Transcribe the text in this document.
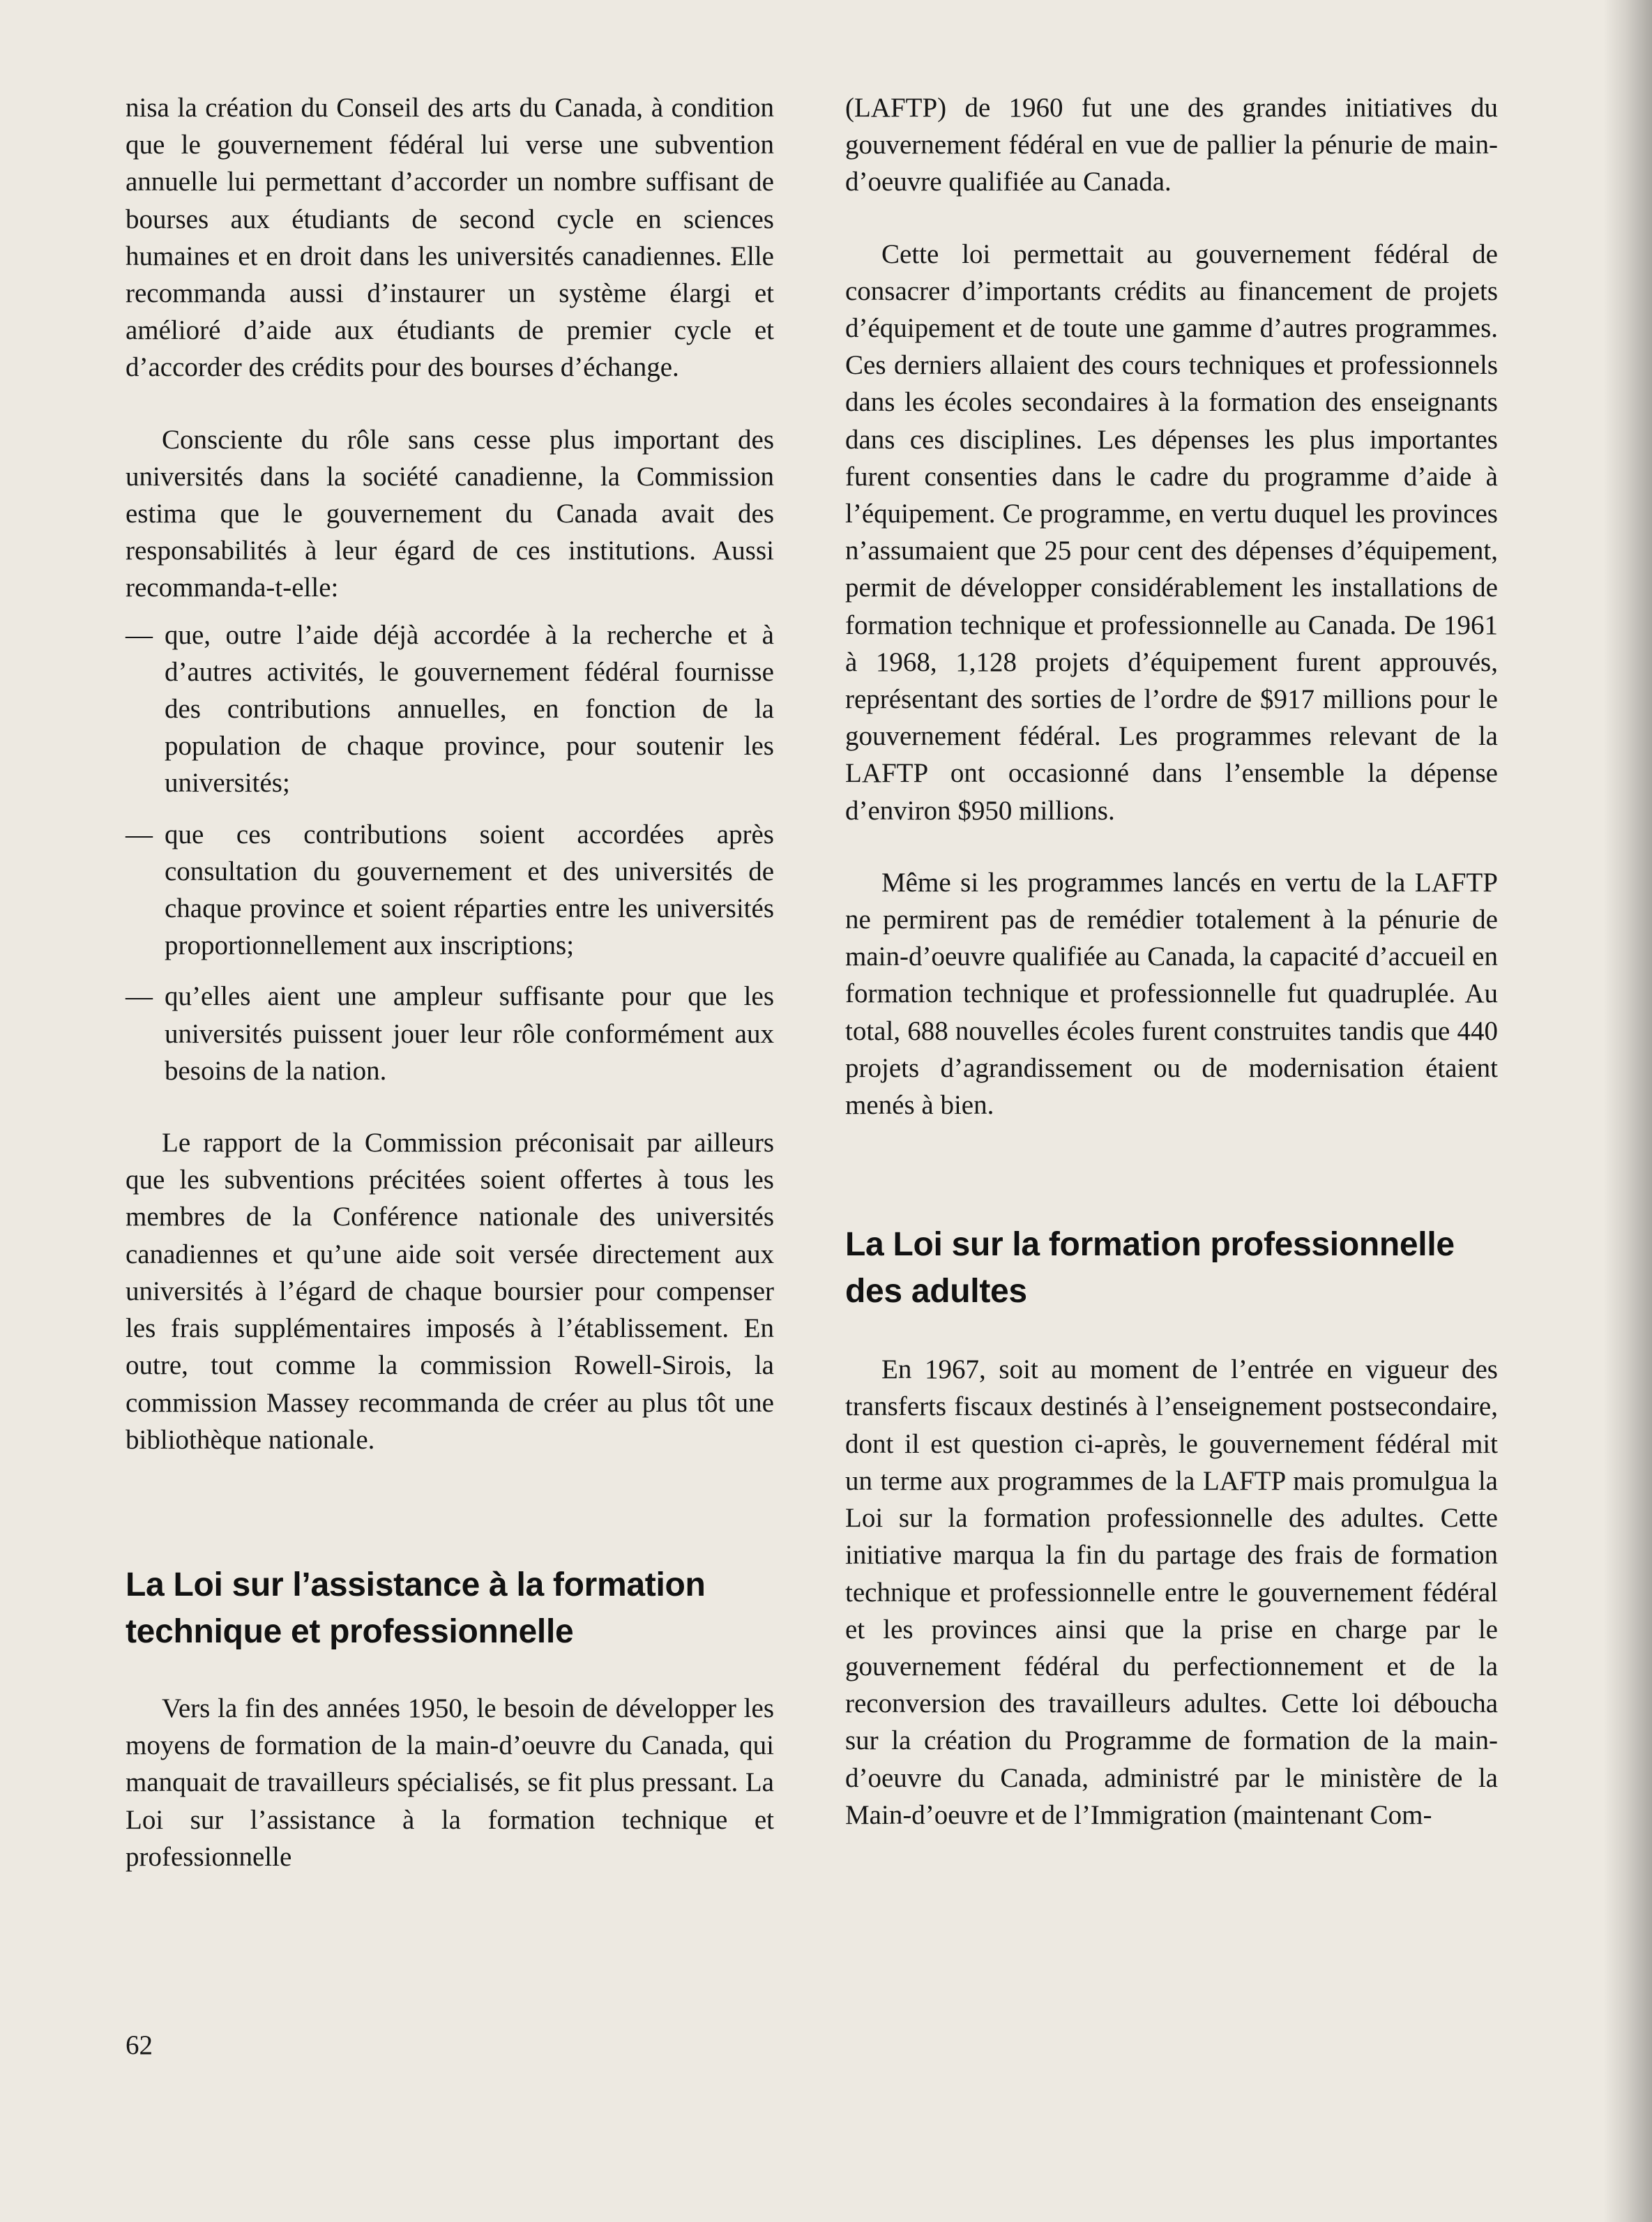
nisa la création du Conseil des arts du Canada, à condition que le gouvernement fédéral lui verse une subvention annuelle lui permettant d’accorder un nombre suffisant de bourses aux étudiants de second cycle en sciences humaines et en droit dans les universités canadiennes. Elle recommanda aussi d’instaurer un système élargi et amélioré d’aide aux étudiants de premier cycle et d’accorder des crédits pour des bourses d’échange.

Consciente du rôle sans cesse plus important des universités dans la société canadienne, la Commission estima que le gouvernement du Canada avait des responsabilités à leur égard de ces institutions. Aussi recommanda-t-elle:

— que, outre l’aide déjà accordée à la recherche et à d’autres activités, le gouvernement fédéral fournisse des contributions annuelles, en fonction de la population de chaque province, pour soutenir les universités;
— que ces contributions soient accordées après consultation du gouvernement et des universités de chaque province et soient réparties entre les universités proportionnellement aux inscriptions;
— qu’elles aient une ampleur suffisante pour que les universités puissent jouer leur rôle conformément aux besoins de la nation.

Le rapport de la Commission préconisait par ailleurs que les subventions précitées soient offertes à tous les membres de la Conférence nationale des universités canadiennes et qu’une aide soit versée directement aux universités à l’égard de chaque boursier pour compenser les frais supplémentaires imposés à l’établissement. En outre, tout comme la commission Rowell-Sirois, la commission Massey recommanda de créer au plus tôt une bibliothèque nationale.

La Loi sur l’assistance à la formation technique et professionnelle

Vers la fin des années 1950, le besoin de développer les moyens de formation de la main-d’oeuvre du Canada, qui manquait de travailleurs spécialisés, se fit plus pressant. La Loi sur l’assistance à la formation technique et professionnelle

(LAFTP) de 1960 fut une des grandes initiatives du gouvernement fédéral en vue de pallier la pénurie de main-d’oeuvre qualifiée au Canada.

Cette loi permettait au gouvernement fédéral de consacrer d’importants crédits au financement de projets d’équipement et de toute une gamme d’autres programmes. Ces derniers allaient des cours techniques et professionnels dans les écoles secondaires à la formation des enseignants dans ces disciplines. Les dépenses les plus importantes furent consenties dans le cadre du programme d’aide à l’équipement. Ce programme, en vertu duquel les provinces n’assumaient que 25 pour cent des dépenses d’équipement, permit de développer considérablement les installations de formation technique et professionnelle au Canada. De 1961 à 1968, 1,128 projets d’équipement furent approuvés, représentant des sorties de l’ordre de $917 millions pour le gouvernement fédéral. Les programmes relevant de la LAFTP ont occasionné dans l’ensemble la dépense d’environ $950 millions.

Même si les programmes lancés en vertu de la LAFTP ne permirent pas de remédier totalement à la pénurie de main-d’oeuvre qualifiée au Canada, la capacité d’accueil en formation technique et professionnelle fut quadruplée. Au total, 688 nouvelles écoles furent construites tandis que 440 projets d’agrandissement ou de modernisation étaient menés à bien.

La Loi sur la formation professionnelle des adultes

En 1967, soit au moment de l’entrée en vigueur des transferts fiscaux destinés à l’enseignement postsecondaire, dont il est question ci-après, le gouvernement fédéral mit un terme aux programmes de la LAFTP mais promulgua la Loi sur la formation professionnelle des adultes. Cette initiative marqua la fin du partage des frais de formation technique et professionnelle entre le gouvernement fédéral et les provinces ainsi que la prise en charge par le gouvernement fédéral du perfectionnement et de la reconversion des travailleurs adultes. Cette loi déboucha sur la création du Programme de formation de la main-d’oeuvre du Canada, administré par le ministère de la Main-d’oeuvre et de l’Immigration (maintenant Com-

62
